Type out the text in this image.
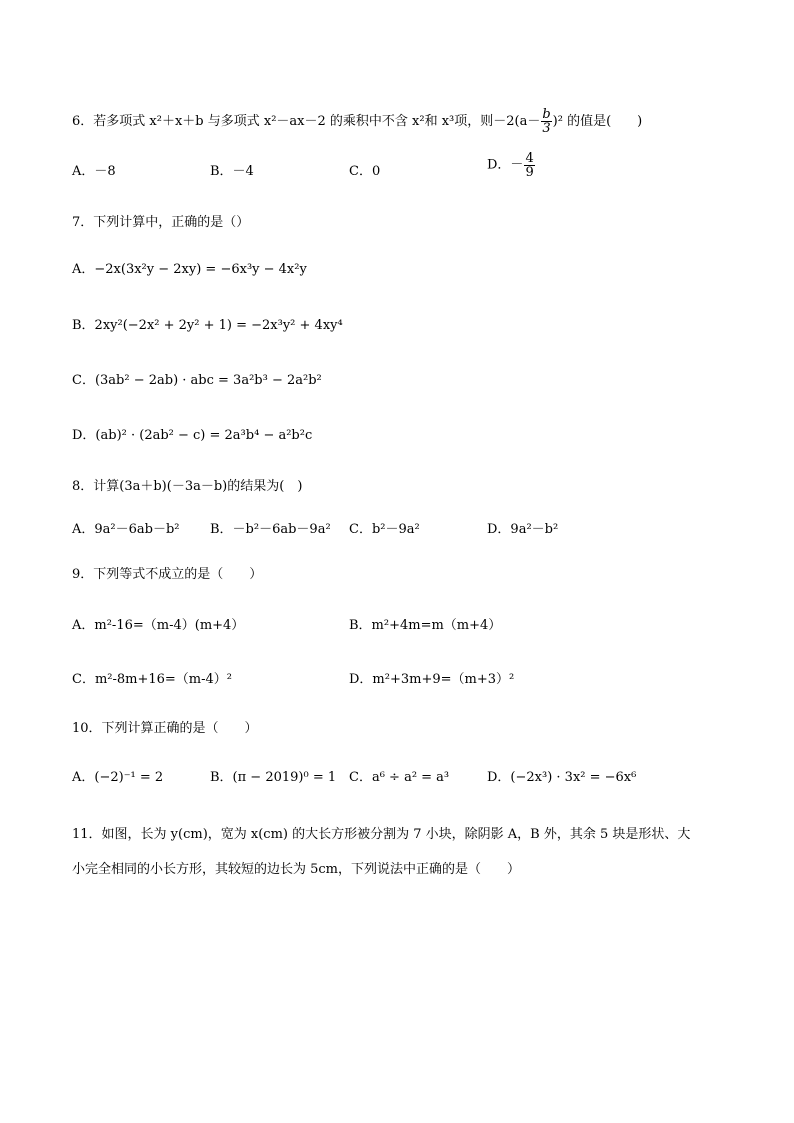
6．若多项式 x²＋x＋b 与多项式 x²－ax－2 的乘积中不含 x²和 x³项，则$-2(a- \frac{b}{3} )^2$ 的值是(　　)
A．－8	B．－4	C．0	D．－ $\frac{4}{9}$
7．下列计算中，正确的是（）
A．−2x(3x²y − 2xy) = −6x³y − 4x²y
B．2xy²(−2x² + 2y² + 1) = −2x³y² + 4xy⁴
C．(3ab² − 2ab) · abc = 3a²b³ − 2a²b²
D．(ab)² · (2ab² − c) = 2a³b⁴ − a²b²c
8．计算(3a＋b)(－3a－b)的结果为(　)
A．9a²－6ab－b² B．－b²－6ab－9a² C．b²－9a²	D．9a²－b²
9．下列等式不成立的是（　　）
A．m²-16=（m-4）(m+4）	B．m²+4m=m（m+4）
C．m²-8m+16=（m-4）²	D．m²+3m+9=（m+3）²
10．下列计算正确的是（　　）
A．(−2)⁻¹ = 2	B．(π − 2019)⁰ = 1 C．a⁶ ÷ a² = a³	D．(−2x³) · 3x² = −6x⁶
11．如图，长为 y(cm)，宽为 x(cm) 的大长方形被分割为 7 小块，除阴影 A，B 外，其余 5 块是形状、大
小完全相同的小长方形，其较短的边长为 5cm，下列说法中正确的是（　　）
